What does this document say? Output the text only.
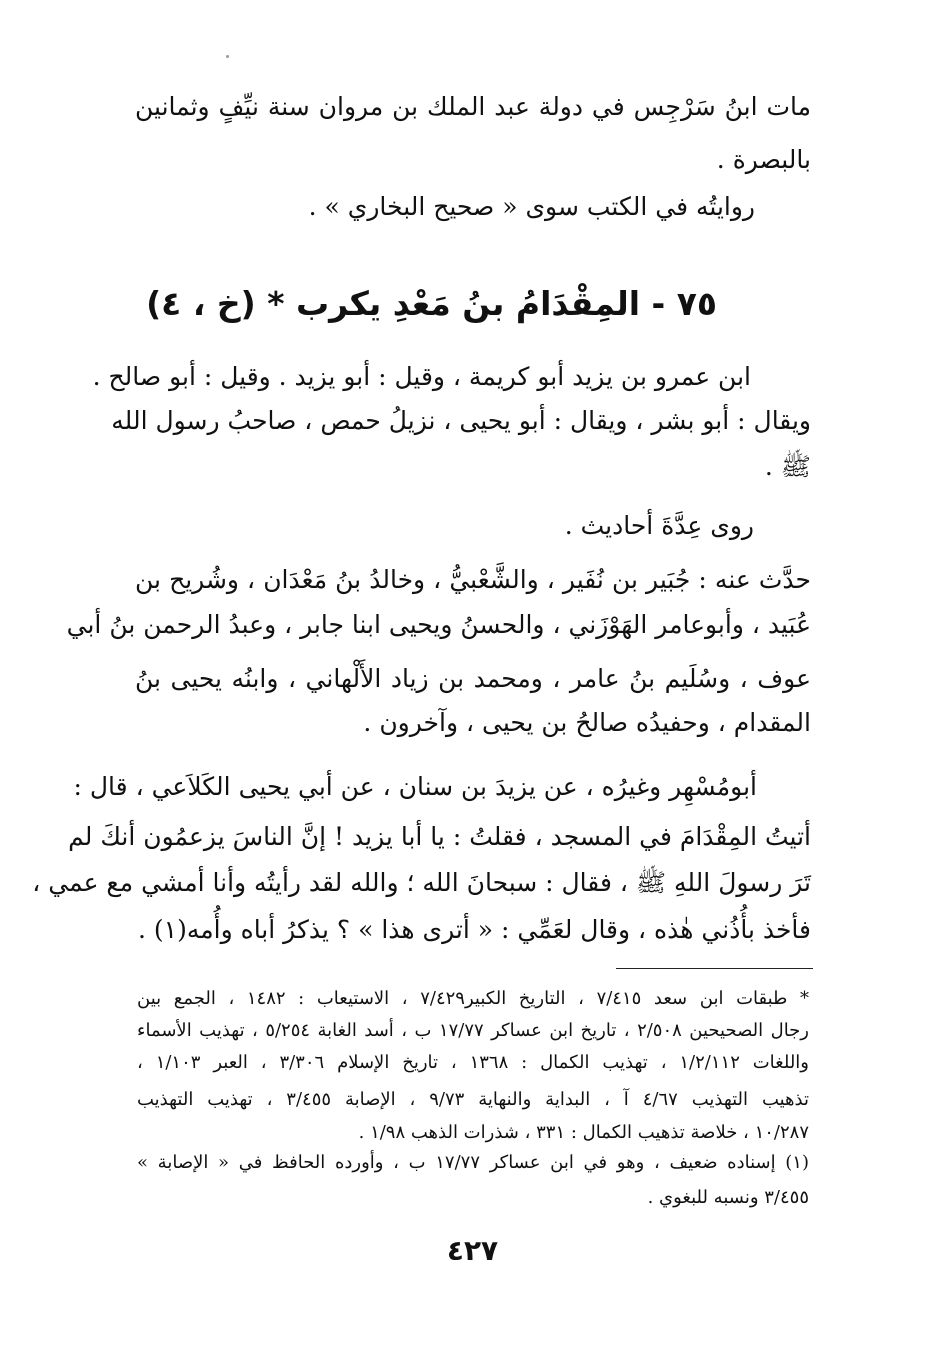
مات ابنُ سَرْجِس في دولة عبد الملك بن مروان سنة نيِّفٍ وثمانين
بالبصرة .
روايتُه في الكتب سوى « صحيح البخاري » .
٧٥ - المِقْدَامُ بنُ مَعْدِ يكرب * (خ ، ٤)
ابن عمرو بن يزيد أبو كريمة ، وقيل : أبو يزيد . وقيل : أبو صالح .
ويقال : أبو بشر ، ويقال : أبو يحيى ، نزيلُ حمص ، صاحبُ رسول الله
ﷺ .
روى عِدَّةَ أحاديث .
حدَّث عنه : جُبَير بن نُفَير ، والشَّعْبيُّ ، وخالدُ بنُ مَعْدَان ، وشُريح بن
عُبَيد ، وأبوعامر الهَوْزَني ، والحسنُ ويحيى ابنا جابر ، وعبدُ الرحمن بنُ أبي
عوف ، وسُلَيم بنُ عامر ، ومحمد بن زياد الأَلْهاني ، وابنُه يحيى بنُ
المقدام ، وحفيدُه صالحُ بن يحيى ، وآخرون .
أبومُسْهِر وغيرُه ، عن يزيدَ بن سنان ، عن أبي يحيى الكَلاَعي ، قال :
أتيتُ المِقْدَامَ في المسجد ، فقلتُ : يا أبا يزيد ! إنَّ الناسَ يزعمُون أنكَ لم
تَرَ رسولَ اللهِ ﷺ ، فقال : سبحانَ الله ؛ والله لقد رأيتُه وأنا أمشي مع عمي ،
فأخذ بأُذُني هٰذه ، وقال لعَمِّي : « أترى هذا » ؟ يذكرُ أباه وأُمه(١) .
* طبقات ابن سعد ٧/٤١٥ ، التاريخ الكبير٧/٤٢٩ ، الاستيعاب : ١٤٨٢ ، الجمع بين
رجال الصحيحين ٢/٥٠٨ ، تاريخ ابن عساكر ١٧/٧٧ ب ، أسد الغابة ٥/٢٥٤ ، تهذيب الأسماء
واللغات ١/٢/١١٢ ، تهذيب الكمال : ١٣٦٨ ، تاريخ الإسلام ٣/٣٠٦ ، العبر ١/١٠٣ ،
تذهيب التهذيب ٤/٦٧ آ ، البداية والنهاية ٩/٧٣ ، الإصابة ٣/٤٥٥ ، تهذيب التهذيب
١٠/٢٨٧ ، خلاصة تذهيب الكمال : ٣٣١ ، شذرات الذهب ١/٩٨ .
(١) إسناده ضعيف ، وهو في ابن عساكر ١٧/٧٧ ب ، وأورده الحافظ في « الإصابة »
٣/٤٥٥ ونسبه للبغوي .
٤٢٧
